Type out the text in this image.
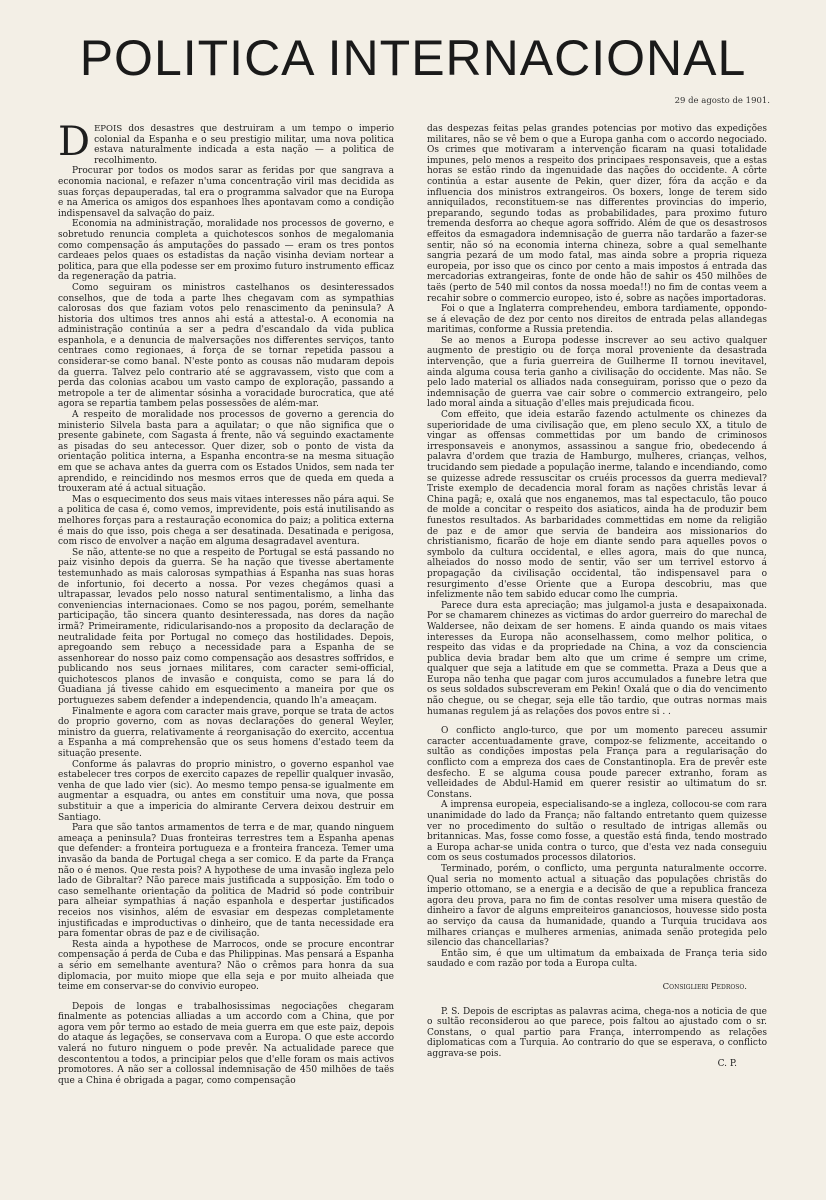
POLITICA INTERNACIONAL
29 de agosto de 1901.

DEPOIS dos desastres que destruiram a um tempo o imperio colonial da Espanha e o seu prestigio militar, uma nova politica estava naturalmente indicada a esta nação — a politica de recolhimento.

Procurar por todos os modos sarar as feridas por que sangrava a economia nacional, e refazer n'uma concentração viril mas decidida as suas forças depauperadas, tal era o programma salvador que na Europa e na America os amigos dos espanhoes lhes apontavam como a condição indispensavel da salvação do paiz.

Economia na administração, moralidade nos processos de governo, e sobretudo renuncia completa a quichotescos sonhos de megalomania como compensação ás amputações do passado — eram os tres pontos cardeaes pelos quaes os estadistas da nação visinha deviam nortear a politica, para que ella podesse ser em proximo futuro instrumento efficaz da regeneração da patria.

Como seguiram os ministros castelhanos os desinteressados conselhos, que de toda a parte lhes chegavam com as sympathias calorosas dos que faziam votos pelo renascimento da peninsula? A historia dos ultimos tres annos ahi está a attestal-o. A economia na administração continúa a ser a pedra d'escandalo da vida publica espanhola, e a denuncia de malversações nos differentes serviços, tanto centraes como regionaes, á força de se tornar repetida passou a considerar-se como banal. N'este ponto as cousas não mudaram depois da guerra. Talvez pelo contrario até se aggravassem, visto que com a perda das colonias acabou um vasto campo de exploração, passando a metropole a ter de alimentar sósinha a voracidade burocratica, que até agora se repartia tambem pelas possessões de além-mar.

A respeito de moralidade nos processos de governo a gerencia do ministerio Silvela basta para a aquilatar; o que não significa que o presente gabinete, com Sagasta á frente, não vá seguindo exactamente as pisadas do seu antecessor. Quer dizer, sob o ponto de vista da orientação politica interna, a Espanha encontra-se na mesma situação em que se achava antes da guerra com os Estados Unidos, sem nada ter aprendido, e reincidindo nos mesmos erros que de queda em queda a trouxeram até á actual situação.

Mas o esquecimento dos seus mais vitaes interesses não pára aqui. Se a politica de casa é, como vemos, imprevidente, pois está inutilisando as melhores forças para a restauração economica do paiz; a politica externa é mais do que isso, pois chega a ser desatinada. Desatinada e perigosa, com risco de envolver a nação em alguma desagradavel aventura.

Se não, attente-se no que a respeito de Portugal se está passando no paiz visinho depois da guerra. Se ha nação que tivesse abertamente testemunhado as mais calorosas sympathias á Espanha nas suas horas de infortunio, foi decerto a nossa. Por vezes chegámos quasi a ultrapassar, levados pelo nosso natural sentimentalismo, a linha das conveniencias internacionaes. Como se nos pagou, porém, semelhante participação, tão sincera quanto desinteressada, nas dores da nação irmã? Primeiramente, ridicularisando-nos a proposito da declaração de neutralidade feita por Portugal no começo das hostilidades. Depois, apregoando sem rebuço a necessidade para a Espanha de se assenhorear do nosso paiz como compensação aos desastres soffridos, e publicando nos seus jornaes militares, com caracter semi-official, quichotescos planos de invasão e conquista, como se para lá do Guadiana já tivesse cahido em esquecimento a maneira por que os portuguezes sabem defender a independencia, quando lh'a ameaçam.

Finalmente e agora com caracter mais grave, porque se trata de actos do proprio governo, com as novas declarações do general Weyler, ministro da guerra, relativamente á reorganisação do exercito, accentua a Espanha a má comprehensão que os seus homens d'estado teem da situação presente.

Conforme ás palavras do proprio ministro, o governo espanhol vae estabelecer tres corpos de exercito capazes de repellir qualquer invasão, venha de que lado vier (sic). Ao mesmo tempo pensa-se igualmente em augmentar a esquadra, ou antes em constituir uma nova, que possa substituir a que a impericia do almirante Cervera deixou destruir em Santiago.

Para que são tantos armamentos de terra e de mar, quando ninguem ameaça a peninsula? Duas fronteiras terrestres tem a Espanha apenas que defender: a fronteira portugueza e a fronteira franceza. Temer uma invasão da banda de Portugal chega a ser comico. E da parte da França não o é menos. Que resta pois? A hypothese de uma invasão ingleza pelo lado de Gibraltar? Não parece mais justificada a supposição. Em todo o caso semelhante orientação da politica de Madrid só pode contribuir para alheiar sympathias á nação espanhola e despertar justificados receios nos visinhos, além de esvasiar em despezas completamente injustificadas e improductivas o dinheiro, que de tanta necessidade era para fomentar obras de paz e de civilisação.

Resta ainda a hypothese de Marrocos, onde se procure encontrar compensação á perda de Cuba e das Philippinas. Mas pensará a Espanha a sério em semelhante aventura? Não o crêmos para honra da sua diplomacia, por muito miope que ella seja e por muito alheiada que teime em conservar-se do convivio europeo.

Depois de longas e trabalhosissimas negociações chegaram finalmente as potencias alliadas a um accordo com a China, que por agora vem pôr termo ao estado de meia guerra em que este paiz, depois do ataque ás legações, se conservava com a Europa. O que este accordo valerá no futuro ninguem o pode prevêr. Na actualidade parece que descontentou a todos, a principiar pelos que d'elle foram os mais activos promotores. A não ser a collossal indemnisação de 450 milhões de taës que a China é obrigada a pagar, como compensação

das despezas feitas pelas grandes potencias por motivo das expedições militares, não se vê bem o que a Europa ganha com o accordo negociado. Os crimes que motivaram a intervenção ficaram na quasi totalidade impunes, pelo menos a respeito dos principaes responsaveis, que a estas horas se estão rindo da ingenuidade das nações do occidente. A côrte continúa a estar ausente de Pekin, quer dizer, fóra da acção e da influencia dos ministros extrangeiros. Os boxers, longe de terem sido anniquilados, reconstituem-se nas differentes provincias do imperio, preparando, segundo todas as probabilidades, para proximo futuro tremenda desforra ao cheque agora soffrido. Além de que os desastrosos effeitos da esmagadora indemnisação de guerra não tardarão a fazer-se sentir, não só na economia interna chineza, sobre a qual semelhante sangria pezará de um modo fatal, mas ainda sobre a propria riqueza europeia, por isso que os cinco por cento a mais impostos á entrada das mercadorias extrangeiras, fonte de onde hão de sahir os 450 milhões de taës (perto de 540 mil contos da nossa moeda!!) no fim de contas veem a recahir sobre o commercio europeo, isto é, sobre as nações importadoras.

Foi o que a Inglaterra comprehendeu, embora tardiamente, oppondo-se á elevação de dez por cento nos direitos de entrada pelas allandegas maritimas, conforme a Russia pretendia.

Se ao menos a Europa podesse inscrever ao seu activo qualquer augmento de prestigio ou de força moral proveniente da desastrada intervenção, que a furia guerreira de Guilherme II tornou inevitavel, ainda alguma cousa teria ganho a civilisação do occidente. Mas não. Se pelo lado material os alliados nada conseguiram, porisso que o pezo da indemnisação de guerra vae cair sobre o commercio extrangeiro, pelo lado moral ainda a situação d'elles mais prejudicada ficou.

Com effeito, que ideia estarão fazendo actulmente os chinezes da superioridade de uma civilisação que, em pleno seculo XX, a titulo de vingar as offensas commettidas por um bando de criminosos irresponsaveis e anonymos, assassinou a sangue frio, obedecendo á palavra d'ordem que trazia de Hamburgo, mulheres, crianças, velhos, trucidando sem piedade a população inerme, talando e incendiando, como se quizesse adrede ressuscitar os cruéis processos da guerra medieval? Triste exemplo de decadencia moral foram as nações christãs levar á China pagã; e, oxalá que nos enganemos, mas tal espectaculo, tão pouco de molde a concitar o respeito dos asiaticos, ainda ha de produzir bem funestos resultados. As barbaridades commettidas em nome da religião de paz e de amor que servia de bandeira aos missionarios do christianismo, ficarão de hoje em diante sendo para aquelles povos o symbolo da cultura occidental, e elles agora, mais do que nunca, alheiados do nosso modo de sentir, vão ser um terrivel estorvo á propagação da civilisação occidental, tão indispensavel para o resurgimento d'esse Oriente que a Europa descobriu, mas que infelizmente não tem sabido educar como lhe cumpria.

Parece dura esta apreciação; mas julgamol-a justa e desapaixonada. Por se chamarem chinezes as victimas do ardor guerreiro do marechal de Waldersee, não deixam de ser homens. E ainda quando os mais vitaes interesses da Europa não aconselhassem, como melhor politica, o respeito das vidas e da propriedade na China, a voz da consciencia publica devia bradar bem alto que um crime é sempre um crime, qualquer que seja a latitude em que se commetta. Praza a Deus que a Europa não tenha que pagar com juros accumulados a funebre letra que os seus soldados subscreveram em Pekin! Oxalá que o dia do vencimento não chegue, ou se chegar, seja elle tão tardio, que outras normas mais humanas regulem já as relações dos povos entre si . .

O conflicto anglo-turco, que por um momento pareceu assumir caracter accentuadamente grave, compoz-se felizmente, acceitando o sultão as condições impostas pela França para a regularisação do conflicto com a empreza dos caes de Constantinopla. Era de prevêr este desfecho. E se alguma cousa poude parecer extranho, foram as velleidades de Abdul-Hamid em querer resistir ao ultimatum do sr. Constans.

A imprensa europeia, especialisando-se a ingleza, collocou-se com rara unanimidade do lado da França; não faltando entretanto quem quizesse ver no procedimento do sultão o resultado de intrigas allemãs ou britannicas. Mas, fosse como fosse, a questão está finda, tendo mostrado a Europa achar-se unida contra o turco, que d'esta vez nada conseguiu com os seus costumados processos dilatorios.

Terminado, porém, o conflicto, uma pergunta naturalmente occorre. Qual seria no momento actual a situação das populações christãs do imperio ottomano, se a energia e a decisão de que a republica franceza agora deu prova, para no fim de contas resolver uma misera questão de dinheiro a favor de alguns empreiteiros gananciosos, houvesse sido posta ao serviço da causa da humanidade, quando a Turquia trucidava aos milhares crianças e mulheres armenias, animada senão protegida pelo silencio das chancellarias?

Então sim, é que um ultimatum da embaixada de França teria sido saudado e com razão por toda a Europa culta.

Consiglieri Pedroso.

P. S. Depois de escriptas as palavras acima, chega-nos a noticia de que o sultão reconsiderou ao que parece, pois faltou ao ajustado com o sr. Constans, o qual partio para França, interrompendo as relações diplomaticas com a Turquia. Ao contrario do que se esperava, o conflicto aggrava-se pois.

C. P.
